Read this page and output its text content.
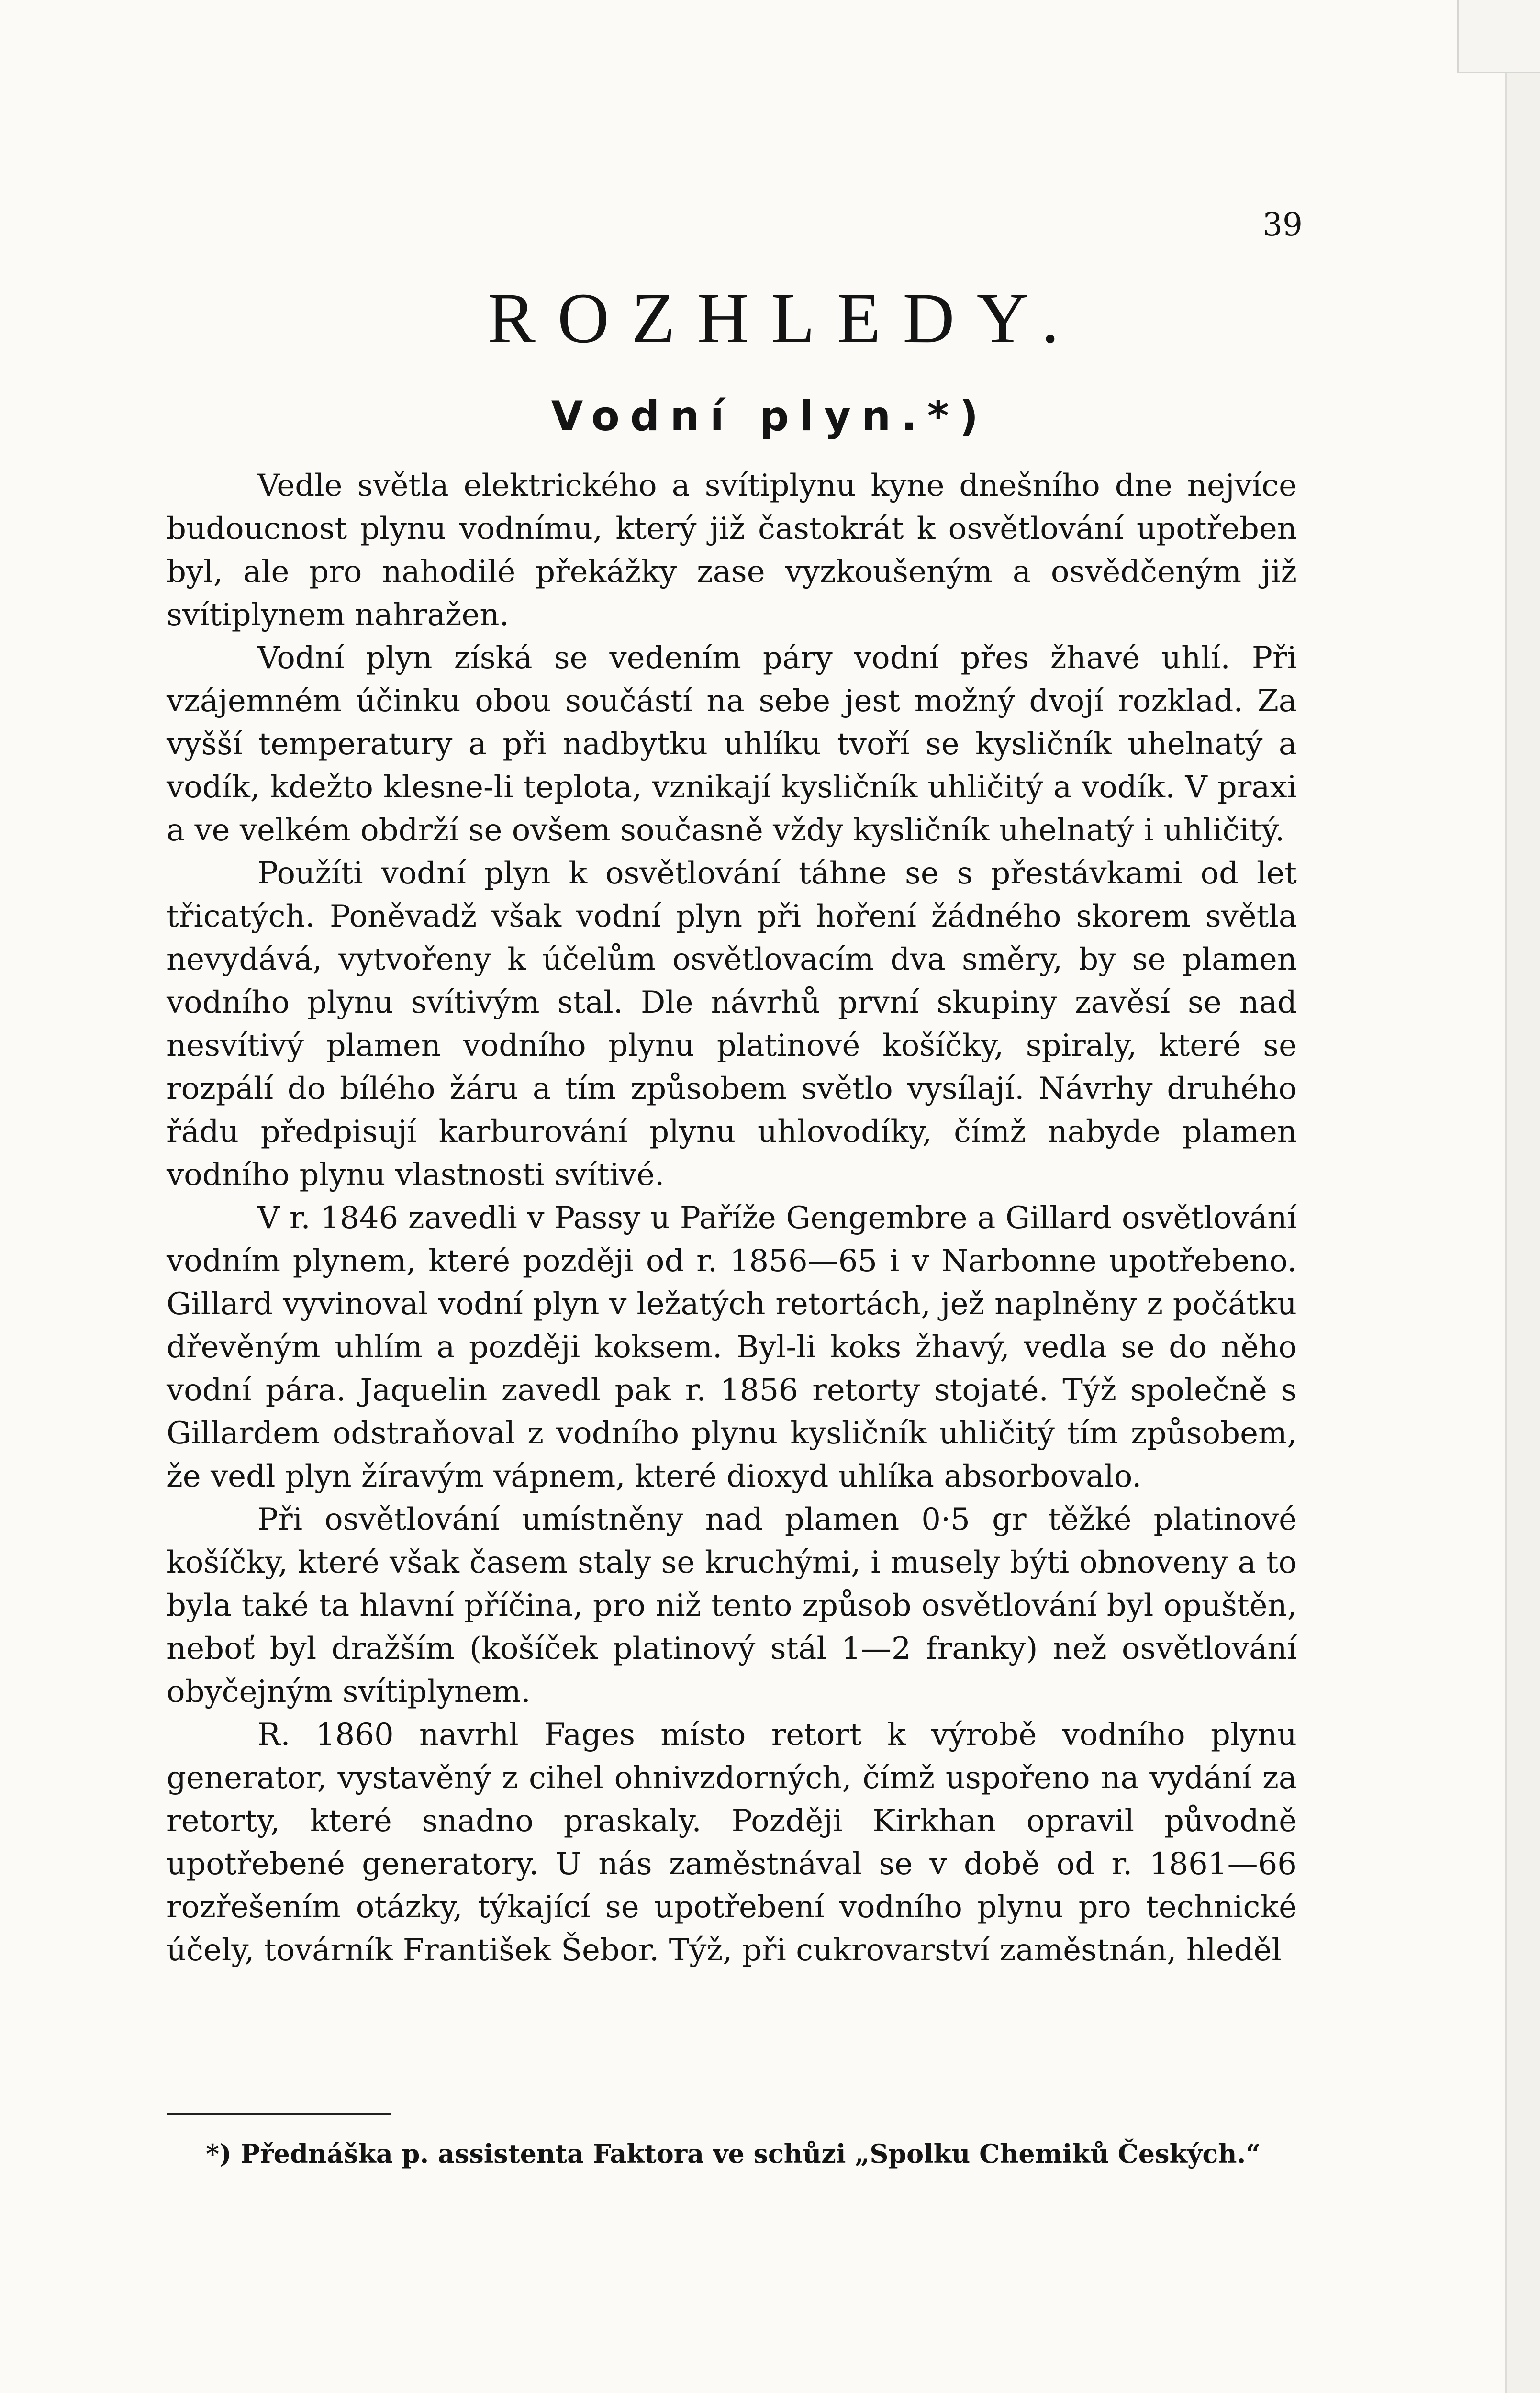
39
ROZHLEDY.
Vodní plyn.*)

Vedle světla elektrického a svítiplynu kyne dnešního dne nejvíce budoucnost plynu vodnímu, který již častokrát k osvětlování upotřeben byl, ale pro nahodilé překážky zase vyzkoušeným a osvědčeným již svítiplynem nahražen.

Vodní plyn získá se vedením páry vodní přes žhavé uhlí. Při vzájemném účinku obou součástí na sebe jest možný dvojí rozklad. Za vyšší temperatury a při nadbytku uhlíku tvoří se kysličník uhelnatý a vodík, kdežto klesne-li teplota, vznikají kysličník uhličitý a vodík. V praxi a ve velkém obdrží se ovšem současně vždy kysličník uhelnatý i uhličitý.

Použíti vodní plyn k osvětlování táhne se s přestávkami od let třicatých. Poněvadž však vodní plyn při hoření žádného skorem světla nevydává, vytvořeny k účelům osvětlovacím dva směry, by se plamen vodního plynu svítivým stal. Dle návrhů první skupiny zavěsí se nad nesvítivý plamen vodního plynu platinové košíčky, spiraly, které se rozpálí do bílého žáru a tím způsobem světlo vysílají. Návrhy druhého řádu předpisují karburování plynu uhlovodíky, čímž nabyde plamen vodního plynu vlastnosti svítivé.

V r. 1846 zavedli v Passy u Paříže Gengembre a Gillard osvětlování vodním plynem, které později od r. 1856—65 i v Narbonne upotřebeno. Gillard vyvinoval vodní plyn v ležatých retortách, jež naplněny z počátku dřevěným uhlím a později koksem. Byl-li koks žhavý, vedla se do něho vodní pára. Jaquelin zavedl pak r. 1856 retorty stojaté. Týž společně s Gillardem odstraňoval z vodního plynu kysličník uhličitý tím způsobem, že vedl plyn žíravým vápnem, které dioxyd uhlíka absorbovalo.

Při osvětlování umístněny nad plamen 0·5 gr těžké platinové košíčky, které však časem staly se kruchými, i musely býti obnoveny a to byla také ta hlavní příčina, pro niž tento způsob osvětlování byl opuštěn, neboť byl dražším (košíček platinový stál 1—2 franky) než osvětlování obyčejným svítiplynem.

R. 1860 navrhl Fages místo retort k výrobě vodního plynu generator, vystavěný z cihel ohnivzdorných, čímž uspořeno na vydání za retorty, které snadno praskaly. Později Kirkhan opravil původně upotřebené generatory. U nás zaměstnával se v době od r. 1861—66 rozřešením otázky, týkající se upotřebení vodního plynu pro technické účely, továrník František Šebor. Týž, při cukrovarství zaměstnán, hleděl

*) Přednáška p. assistenta Faktora ve schůzi „Spolku Chemiků Českých.“
